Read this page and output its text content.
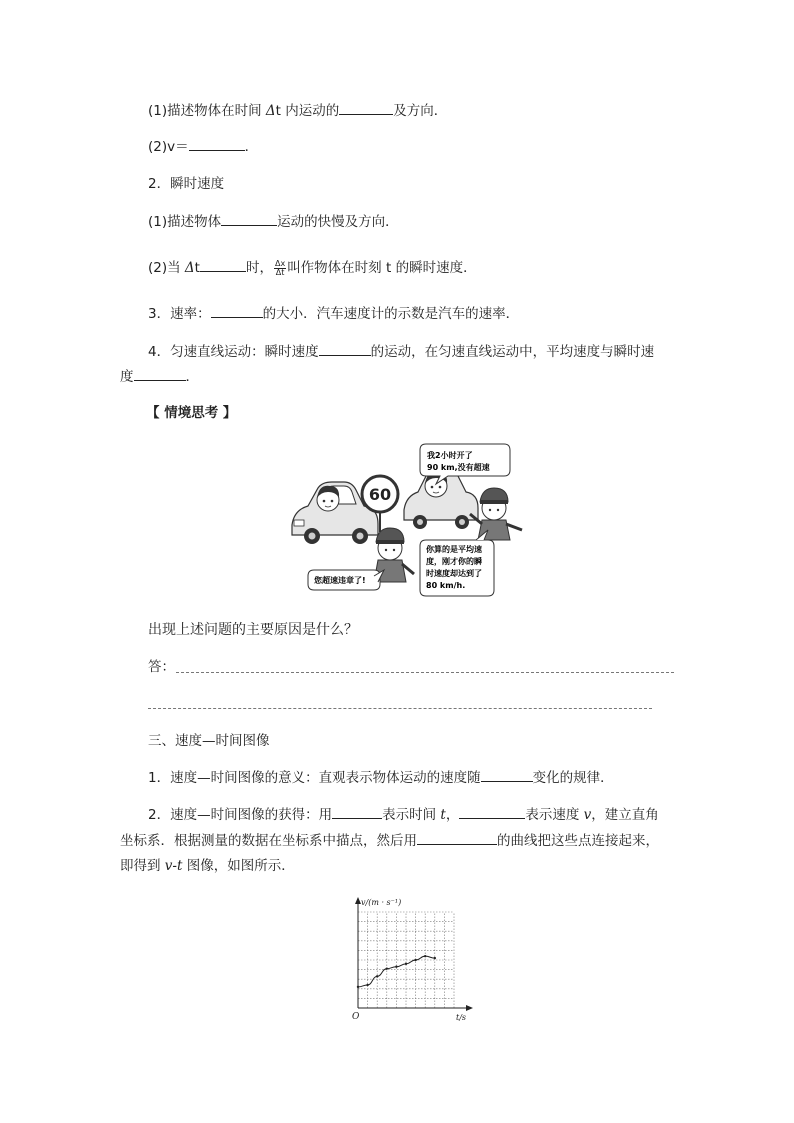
(1)描述物体在时间 Δt 内运动的	及方向．
(2)v＝	．
2．瞬时速度
(1)描述物体	运动的快慢及方向．
(2)当 Δt	时， $\frac{\Delta x}{\Delta t}$ 叫作物体在时刻 t 的瞬时速度．
3．速率：	的大小．汽车速度计的示数是汽车的速率．
4．匀速直线运动：瞬时速度	的运动，在匀速直线运动中，平均速度与瞬时速
度	．
【 情境思考 】
60
我2小时开了
90 km,没有超速
您超速违章了!
你算的是平均速
度，刚才你的瞬
时速度却达到了
80 km/h.
出现上述问题的主要原因是什么？
答：
三、速度—时间图像
1．速度—时间图像的意义：直观表示物体运动的速度随	变化的规律．
2．速度—时间图像的获得：用	表示时间 t，	表示速度 v，建立直角
坐标系．根据测量的数据在坐标系中描点，然后用	的曲线把这些点连接起来，
即得到 v-t 图像，如图所示．
v/(m · s⁻¹)
t/s
O
